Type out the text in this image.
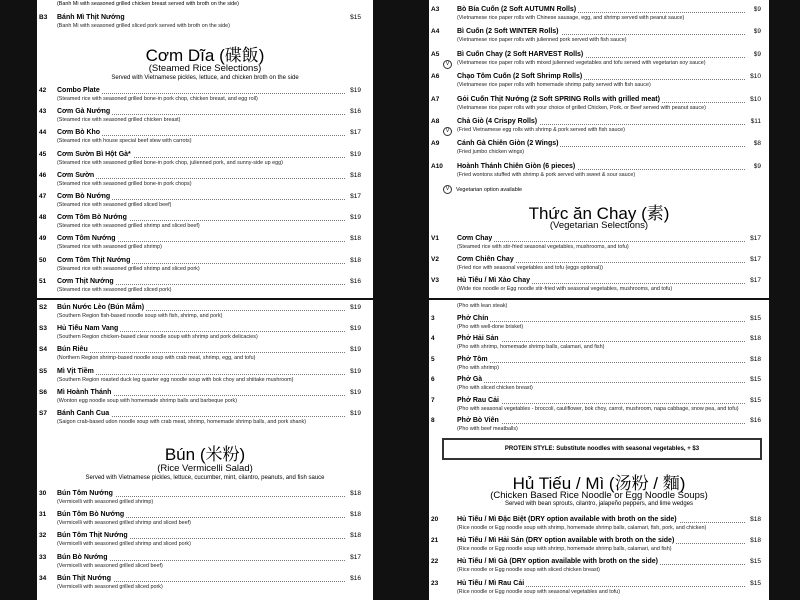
(Banh Mi with seasoned grilled chicken breast served with broth on the side)
B3 Bánh Mì Thịt Nướng	$15
(Banh Mi with seasoned grilled sliced pork served with broth on the side)
Cơm Dĩa (碟飯)
(Steamed Rice Selections)
Served with Vietnamese pickles, lettuce, and chicken broth on the side
42 Combo Plate	$19
(Steamed rice with seasoned grilled bone-in pork chop, chicken breast, and egg roll)
43 Cơm Gà Nướng	$16
(Steamed rice with seasoned grilled chicken breast)
44 Cơm Bò Kho	$17
(Steamed rice with house special beef stew with carrots)
45 Cơm Sườn Bì Hột Gà*	$19
(Steamed rice with seasoned grilled bone-in pork chop, julienned pork, and sunny-side up egg)
46 Cơm Sườn	$18
(Steamed rice with seasoned grilled bone-in pork chops)
47 Cơm Bò Nướng	$17
(Steamed rice with seasoned grilled sliced beef)
48 Cơm Tôm Bò Nướng	$19
(Steamed rice with seasoned grilled shrimp and sliced beef)
49 Cơm Tôm Nướng	$18
(Steamed rice with seasoned grilled shrimp)
50 Cơm Tôm Thịt Nướng	$18
(Steamed rice with seasoned grilled shrimp and sliced pork)
51 Cơm Thịt Nướng	$16
(Steamed rice with seasoned grilled sliced pork)
S2 Bún Nước Lèo (Bún Mắm)	$19
(Southern Region fish-based noodle soup with fish, shrimp, and pork)
S3 Hủ Tiếu Nam Vang	$19
(Southern Region chicken-based clear noodle soup with shrimp and pork delicacies)
S4 Bún Riêu	$19
(Northern Region shrimp-based noodle soup with crab meat, shrimp, egg, and tofu)
S5 Mì Vịt Tiềm	$19
(Southern Region roasted duck leg quarter egg noodle soup with bok choy and shiitake mushroom)
S6 Mì Hoành Thánh	$19
(Wonton egg noodle soup with homemade shrimp balls and barbeque pork)
S7 Bánh Canh Cua	$19
(Saigon crab-based udon noodle soup with crab meat, shrimp, homemade shrimp balls, and pork shank)
Bún (米粉)
(Rice Vermicelli Salad)
Served with Vietnamese pickles, lettuce, cucumber, mint, cilantro, peanuts, and fish sauce
30 Bún Tôm Nướng	$18
(Vermicelli with seasoned grilled shrimp)
31 Bún Tôm Bò Nướng	$18
(Vermicelli with seasoned grilled shrimp and sliced beef)
32 Bún Tôm Thịt Nướng	$18
(Vermicelli with seasoned grilled shrimp and sliced pork)
33 Bún Bò Nướng	$17
(Vermicelli with seasoned grilled sliced beef)
34 Bún Thịt Nướng	$16
(Vermicelli with seasoned grilled sliced pork)
A3	Bò Bía Cuốn (2 Soft AUTUMN Rolls)	$9
(Vietnamese rice paper rolls with Chinese sausage, egg, and shrimp served with peanut sauce)
A4	Bì Cuốn (2 Soft WINTER Rolls)	$9
(Vietnamese rice paper rolls with julienned pork served with fish sauce)
A5	Bì Cuốn Chay (2 Soft HARVEST Rolls)	$9
(Vietnamese rice paper rolls with mixed julienned vegetables and tofu served with vegetarian soy sauce)
V
A6	Chạo Tôm Cuốn (2 Soft Shrimp Rolls)	$10
(Vietnamese rice paper rolls with homemade shrimp patty served with fish sauce)
A7	Gỏi Cuốn Thịt Nướng (2 Soft SPRING Rolls with grilled meat)	$10
(Vietnamese rice paper rolls with your choice of grilled Chicken, Pork, or Beef served with peanut sauce)
A8	Chả Giò (4 Crispy Rolls)	$11
(Fried Vietnamese egg rolls with shrimp & pork served with fish sauce)
V
A9	Cánh Gà Chiên Giòn (2 Wings)	$8
(Fried jumbo chicken wings)
A10 Hoành Thánh Chiên Giòn (6 pieces)	$9
(Fried wontons stuffed with shrimp & pork served with sweet & sour sauce)
V Vegetarian option available
Thức ăn Chay (素)
(Vegetarian Selections)
V1	Cơm Chay	$17
(Steamed rice with stir-fried seasonal vegetables, mushrooms, and tofu)
V2	Cơm Chiên Chay	$17
(Fried rice with seasonal vegetables and tofu (eggs optional))
V3	Hủ Tiếu / Mì Xào Chay	$17
(Wide rice noodle or Egg noodle stir-fried with seasonal vegetables, mushrooms, and tofu)
(Pho with lean steak)
3	Phở Chín	$15
(Pho with well-done brisket)
4	Phở Hải Sản	$18
(Pho with shrimp, homemade shrimp balls, calamari, and fish)
5	Phở Tôm	$18
(Pho with shrimp)
6	Phở Gà	$15
(Pho with sliced chicken breast)
7	Phở Rau Cải	$15
(Pho with seasonal vegetables - broccoli, cauliflower, bok choy, carrot, mushroom, napa cabbage, snow pea, and tofu)
8	Phở Bò Viên	$16
(Pho with beef meatballs)
PROTEIN STYLE: Substitute noodles with seasonal vegetables, + $3
Hủ Tiếu / Mì (汤粉 / 麵)
(Chicken Based Rice Noodle or Egg Noodle Soups)
Served with bean sprouts, cilantro, jalapeño peppers, and lime wedges
20	Hủ Tiếu / Mì Đặc Biệt (DRY option available with broth on the side)	$18
(Rice noodle or Egg noodle soup with shrimp, homemade shrimp balls, calamari, fish, pork, and chicken)
21	Hủ Tiếu / Mì Hải Sản (DRY option available with broth on the side)	$18
(Rice noodle or Egg noodle soup with shrimp, homemade shrimp balls, calamari, and fish)
22	Hủ Tiếu / Mì Gà (DRY option available with broth on the side)	$15
(Rice noodle or Egg noodle soup with sliced chicken breast)
23	Hủ Tiếu / Mì Rau Cải	$15
(Rice noodle or Egg noodle soup with seasonal vegetables and tofu)
